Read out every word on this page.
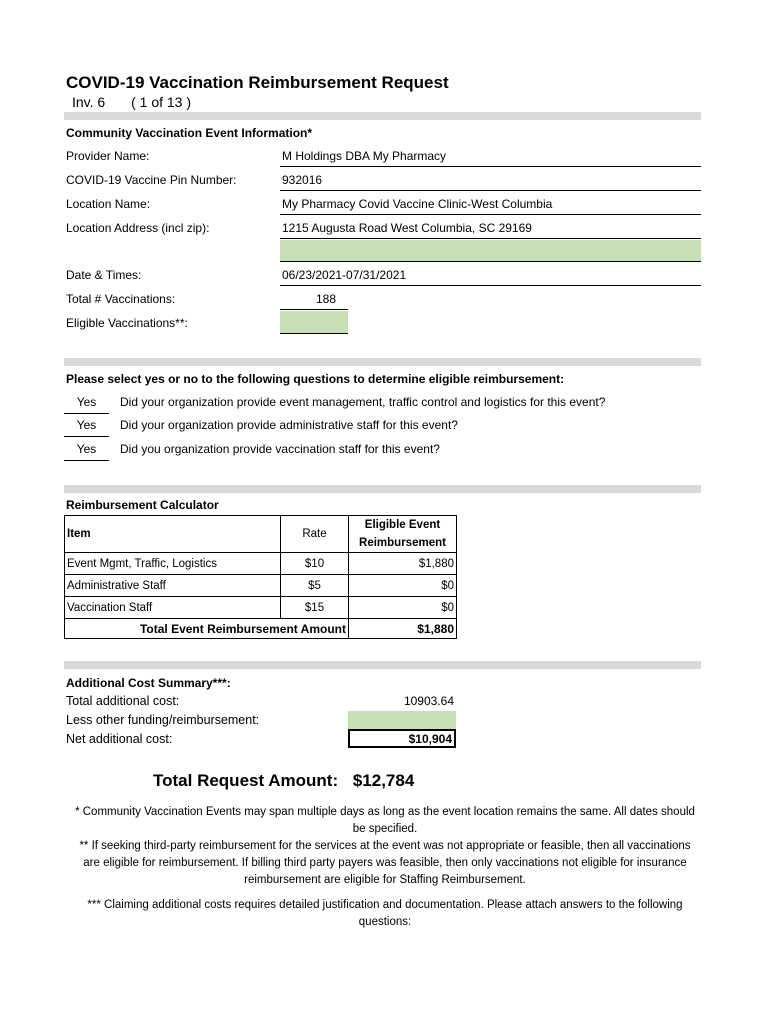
COVID-19 Vaccination Reimbursement Request
Inv. 6 ( 1 of 13 )
Community Vaccination Event Information*
Provider Name:	M Holdings DBA My Pharmacy
COVID-19 Vaccine Pin Number:	932016
Location Name:	My Pharmacy Covid Vaccine Clinic-West Columbia
Location Address (incl zip):	1215 Augusta Road West Columbia, SC 29169
Date & Times:	06/23/2021-07/31/2021
Total # Vaccinations:	188
Eligible Vaccinations**:
Please select yes or no to the following questions to determine eligible reimbursement:
Yes	Did your organization provide event management, traffic control and logistics for this event?
Yes	Did your organization provide administrative staff for this event?
Yes	Did you organization provide vaccination staff for this event?
Reimbursement Calculator
Item	Rate	Eligible Event
Reimbursement
Event Mgmt, Traffic, Logistics	$10	$1,880
Administrative Staff	$5	$0
Vaccination Staff	$15	$0
Total Event Reimbursement Amount		$1,880
Additional Cost Summary***:
Total additional cost:	10903.64
Less other funding/reimbursement:
Net additional cost:	$10,904
Total Request Amount: $12,784
* Community Vaccination Events may span multiple days as long as the event location remains the same. All dates should be specified.
** If seeking third-party reimbursement for the services at the event was not appropriate or feasible, then all vaccinations are eligible for reimbursement. If billing third party payers was feasible, then only vaccinations not eligible for insurance reimbursement are eligible for Staffing Reimbursement.
*** Claiming additional costs requires detailed justification and documentation. Please attach answers to the following questions:
